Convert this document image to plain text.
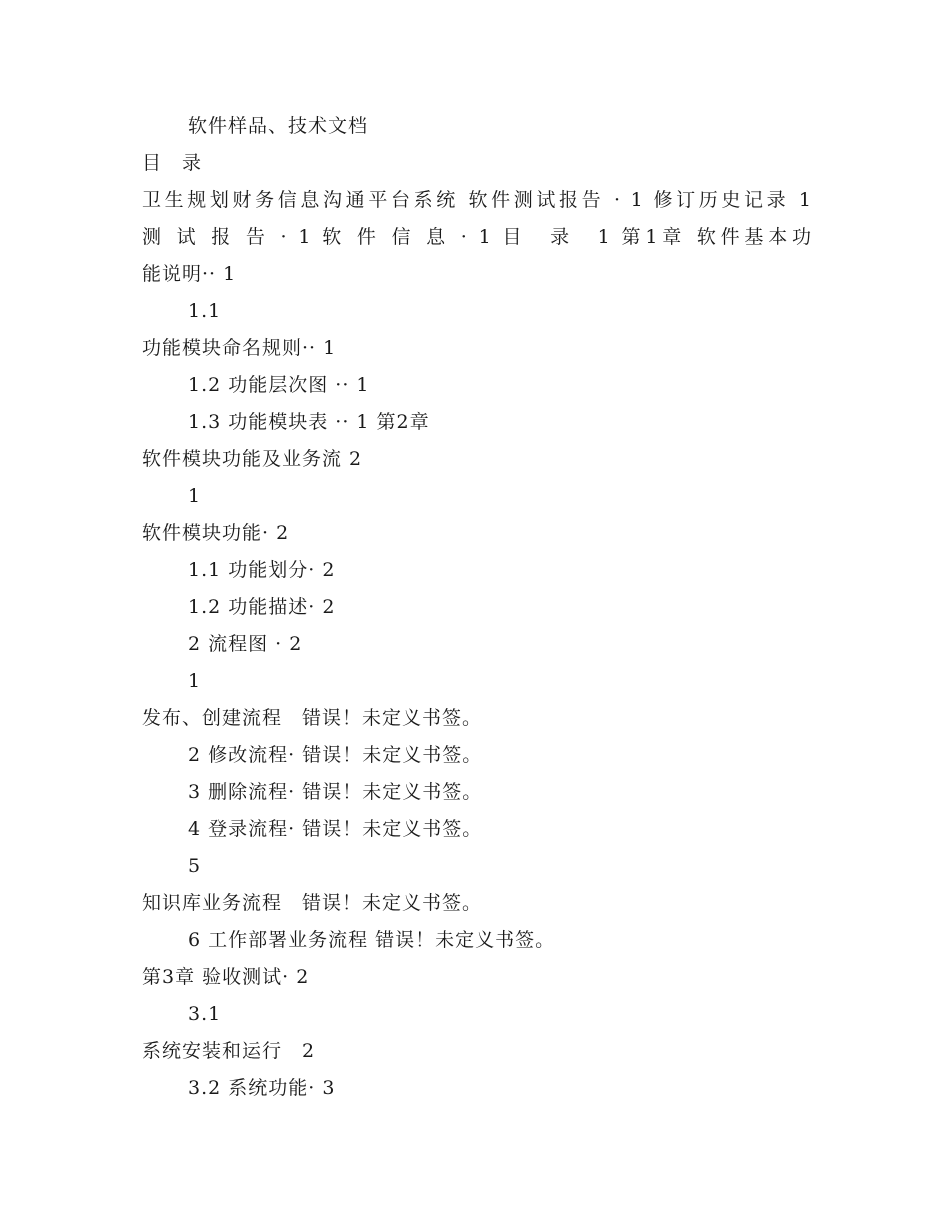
软件样品、技术文档
目　录
卫生规划财务信息沟通平台系统 软件测试报告 · 1 修订历史记录 1
测 试 报 告 · 1 软 件 信 息 · 1 目　录　1 第1章 软件基本功
能说明·· 1
1.1
功能模块命名规则·· 1
1.2 功能层次图 ·· 1
1.3 功能模块表 ·· 1 第2章
软件模块功能及业务流 2
1
软件模块功能· 2
1.1 功能划分· 2
1.2 功能描述· 2
2 流程图 · 2
1
发布、创建流程　错误！未定义书签。
2 修改流程· 错误！未定义书签。
3 删除流程· 错误！未定义书签。
4 登录流程· 错误！未定义书签。
5
知识库业务流程　错误！未定义书签。
6 工作部署业务流程 错误！未定义书签。
第3章 验收测试· 2
3.1
系统安装和运行　2
3.2 系统功能· 3
